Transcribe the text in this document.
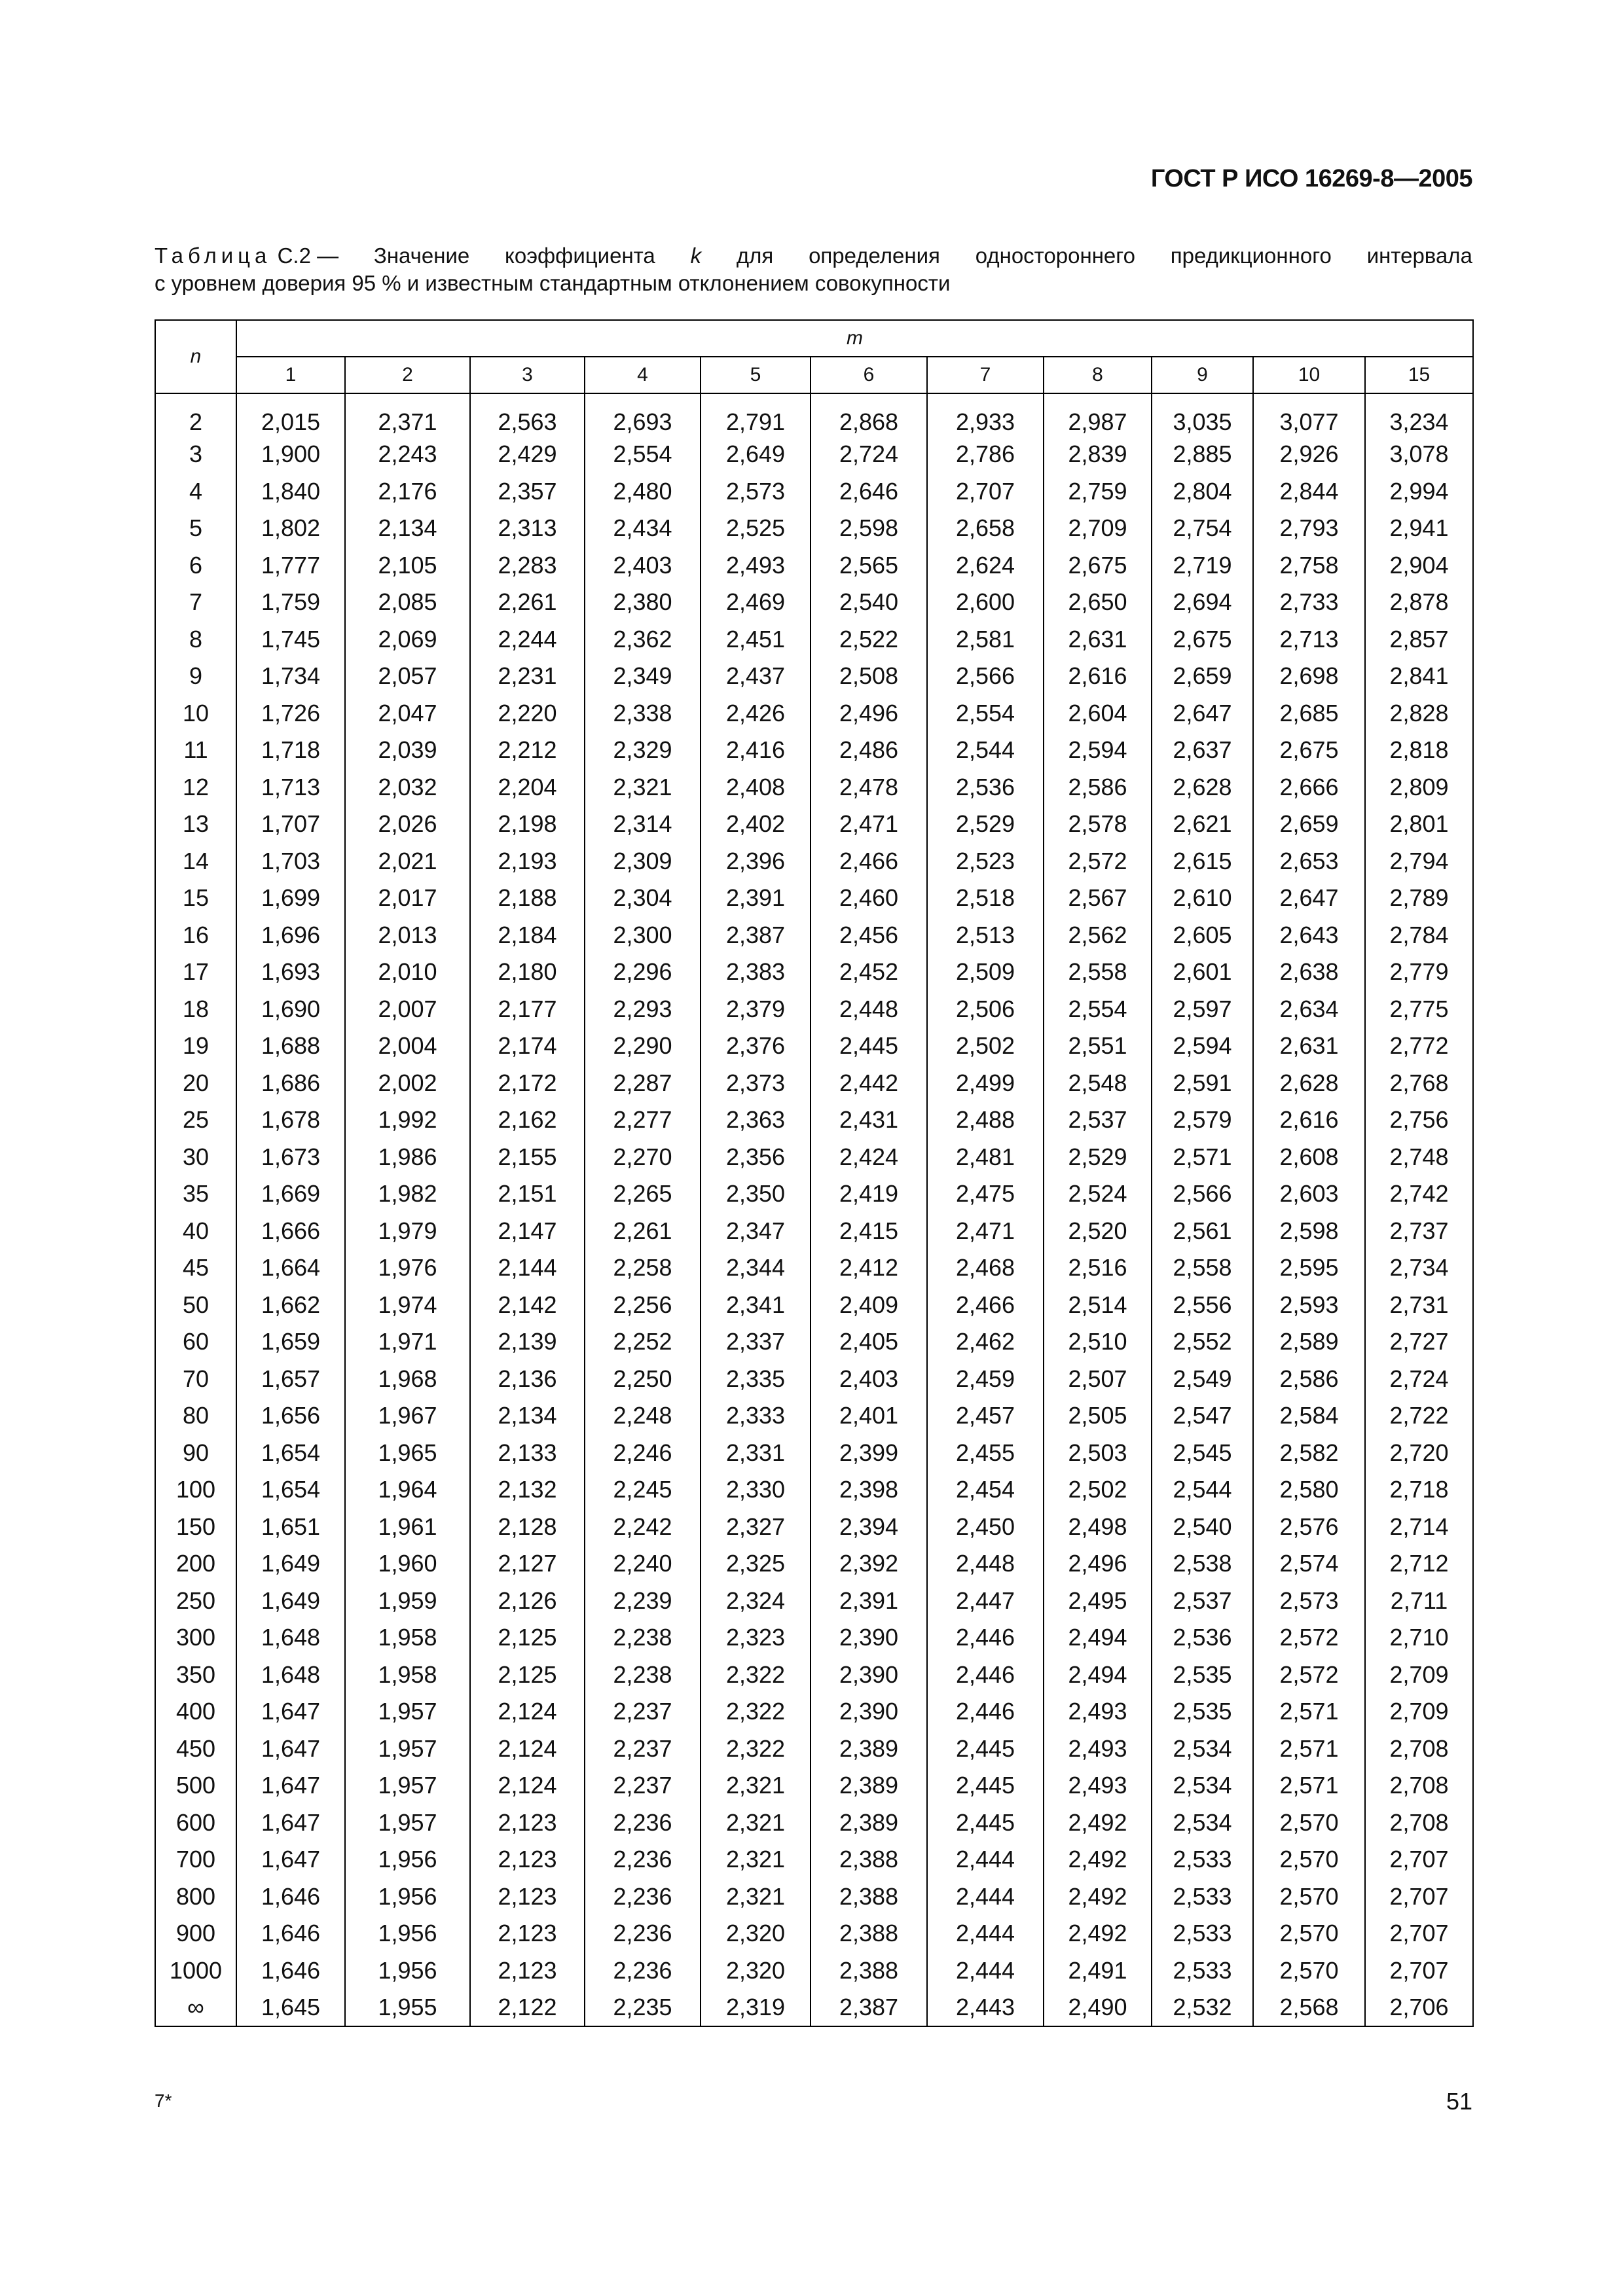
ГОСТ Р ИСО 16269-8—2005
Таблица С.2 — Значение коэффициента k для определения одностороннего предикционного интервала
с уровнем доверия 95 % и известным стандартным отклонением совокупности
n	m										
	1	2	3	4	5	6	7	8	9	10	15
2	2,015	2,371	2,563	2,693	2,791	2,868	2,933	2,987	3,035	3,077	3,234
3	1,900	2,243	2,429	2,554	2,649	2,724	2,786	2,839	2,885	2,926	3,078
4	1,840	2,176	2,357	2,480	2,573	2,646	2,707	2,759	2,804	2,844	2,994
5	1,802	2,134	2,313	2,434	2,525	2,598	2,658	2,709	2,754	2,793	2,941
6	1,777	2,105	2,283	2,403	2,493	2,565	2,624	2,675	2,719	2,758	2,904
7	1,759	2,085	2,261	2,380	2,469	2,540	2,600	2,650	2,694	2,733	2,878
8	1,745	2,069	2,244	2,362	2,451	2,522	2,581	2,631	2,675	2,713	2,857
9	1,734	2,057	2,231	2,349	2,437	2,508	2,566	2,616	2,659	2,698	2,841
10	1,726	2,047	2,220	2,338	2,426	2,496	2,554	2,604	2,647	2,685	2,828
11	1,718	2,039	2,212	2,329	2,416	2,486	2,544	2,594	2,637	2,675	2,818
12	1,713	2,032	2,204	2,321	2,408	2,478	2,536	2,586	2,628	2,666	2,809
13	1,707	2,026	2,198	2,314	2,402	2,471	2,529	2,578	2,621	2,659	2,801
14	1,703	2,021	2,193	2,309	2,396	2,466	2,523	2,572	2,615	2,653	2,794
15	1,699	2,017	2,188	2,304	2,391	2,460	2,518	2,567	2,610	2,647	2,789
16	1,696	2,013	2,184	2,300	2,387	2,456	2,513	2,562	2,605	2,643	2,784
17	1,693	2,010	2,180	2,296	2,383	2,452	2,509	2,558	2,601	2,638	2,779
18	1,690	2,007	2,177	2,293	2,379	2,448	2,506	2,554	2,597	2,634	2,775
19	1,688	2,004	2,174	2,290	2,376	2,445	2,502	2,551	2,594	2,631	2,772
20	1,686	2,002	2,172	2,287	2,373	2,442	2,499	2,548	2,591	2,628	2,768
25	1,678	1,992	2,162	2,277	2,363	2,431	2,488	2,537	2,579	2,616	2,756
30	1,673	1,986	2,155	2,270	2,356	2,424	2,481	2,529	2,571	2,608	2,748
35	1,669	1,982	2,151	2,265	2,350	2,419	2,475	2,524	2,566	2,603	2,742
40	1,666	1,979	2,147	2,261	2,347	2,415	2,471	2,520	2,561	2,598	2,737
45	1,664	1,976	2,144	2,258	2,344	2,412	2,468	2,516	2,558	2,595	2,734
50	1,662	1,974	2,142	2,256	2,341	2,409	2,466	2,514	2,556	2,593	2,731
60	1,659	1,971	2,139	2,252	2,337	2,405	2,462	2,510	2,552	2,589	2,727
70	1,657	1,968	2,136	2,250	2,335	2,403	2,459	2,507	2,549	2,586	2,724
80	1,656	1,967	2,134	2,248	2,333	2,401	2,457	2,505	2,547	2,584	2,722
90	1,654	1,965	2,133	2,246	2,331	2,399	2,455	2,503	2,545	2,582	2,720
100	1,654	1,964	2,132	2,245	2,330	2,398	2,454	2,502	2,544	2,580	2,718
150	1,651	1,961	2,128	2,242	2,327	2,394	2,450	2,498	2,540	2,576	2,714
200	1,649	1,960	2,127	2,240	2,325	2,392	2,448	2,496	2,538	2,574	2,712
250	1,649	1,959	2,126	2,239	2,324	2,391	2,447	2,495	2,537	2,573	2,711
300	1,648	1,958	2,125	2,238	2,323	2,390	2,446	2,494	2,536	2,572	2,710
350	1,648	1,958	2,125	2,238	2,322	2,390	2,446	2,494	2,535	2,572	2,709
400	1,647	1,957	2,124	2,237	2,322	2,390	2,446	2,493	2,535	2,571	2,709
450	1,647	1,957	2,124	2,237	2,322	2,389	2,445	2,493	2,534	2,571	2,708
500	1,647	1,957	2,124	2,237	2,321	2,389	2,445	2,493	2,534	2,571	2,708
600	1,647	1,957	2,123	2,236	2,321	2,389	2,445	2,492	2,534	2,570	2,708
700	1,647	1,956	2,123	2,236	2,321	2,388	2,444	2,492	2,533	2,570	2,707
800	1,646	1,956	2,123	2,236	2,321	2,388	2,444	2,492	2,533	2,570	2,707
900	1,646	1,956	2,123	2,236	2,320	2,388	2,444	2,492	2,533	2,570	2,707
1000	1,646	1,956	2,123	2,236	2,320	2,388	2,444	2,491	2,533	2,570	2,707
∞	1,645	1,955	2,122	2,235	2,319	2,387	2,443	2,490	2,532	2,568	2,706
7*	51
